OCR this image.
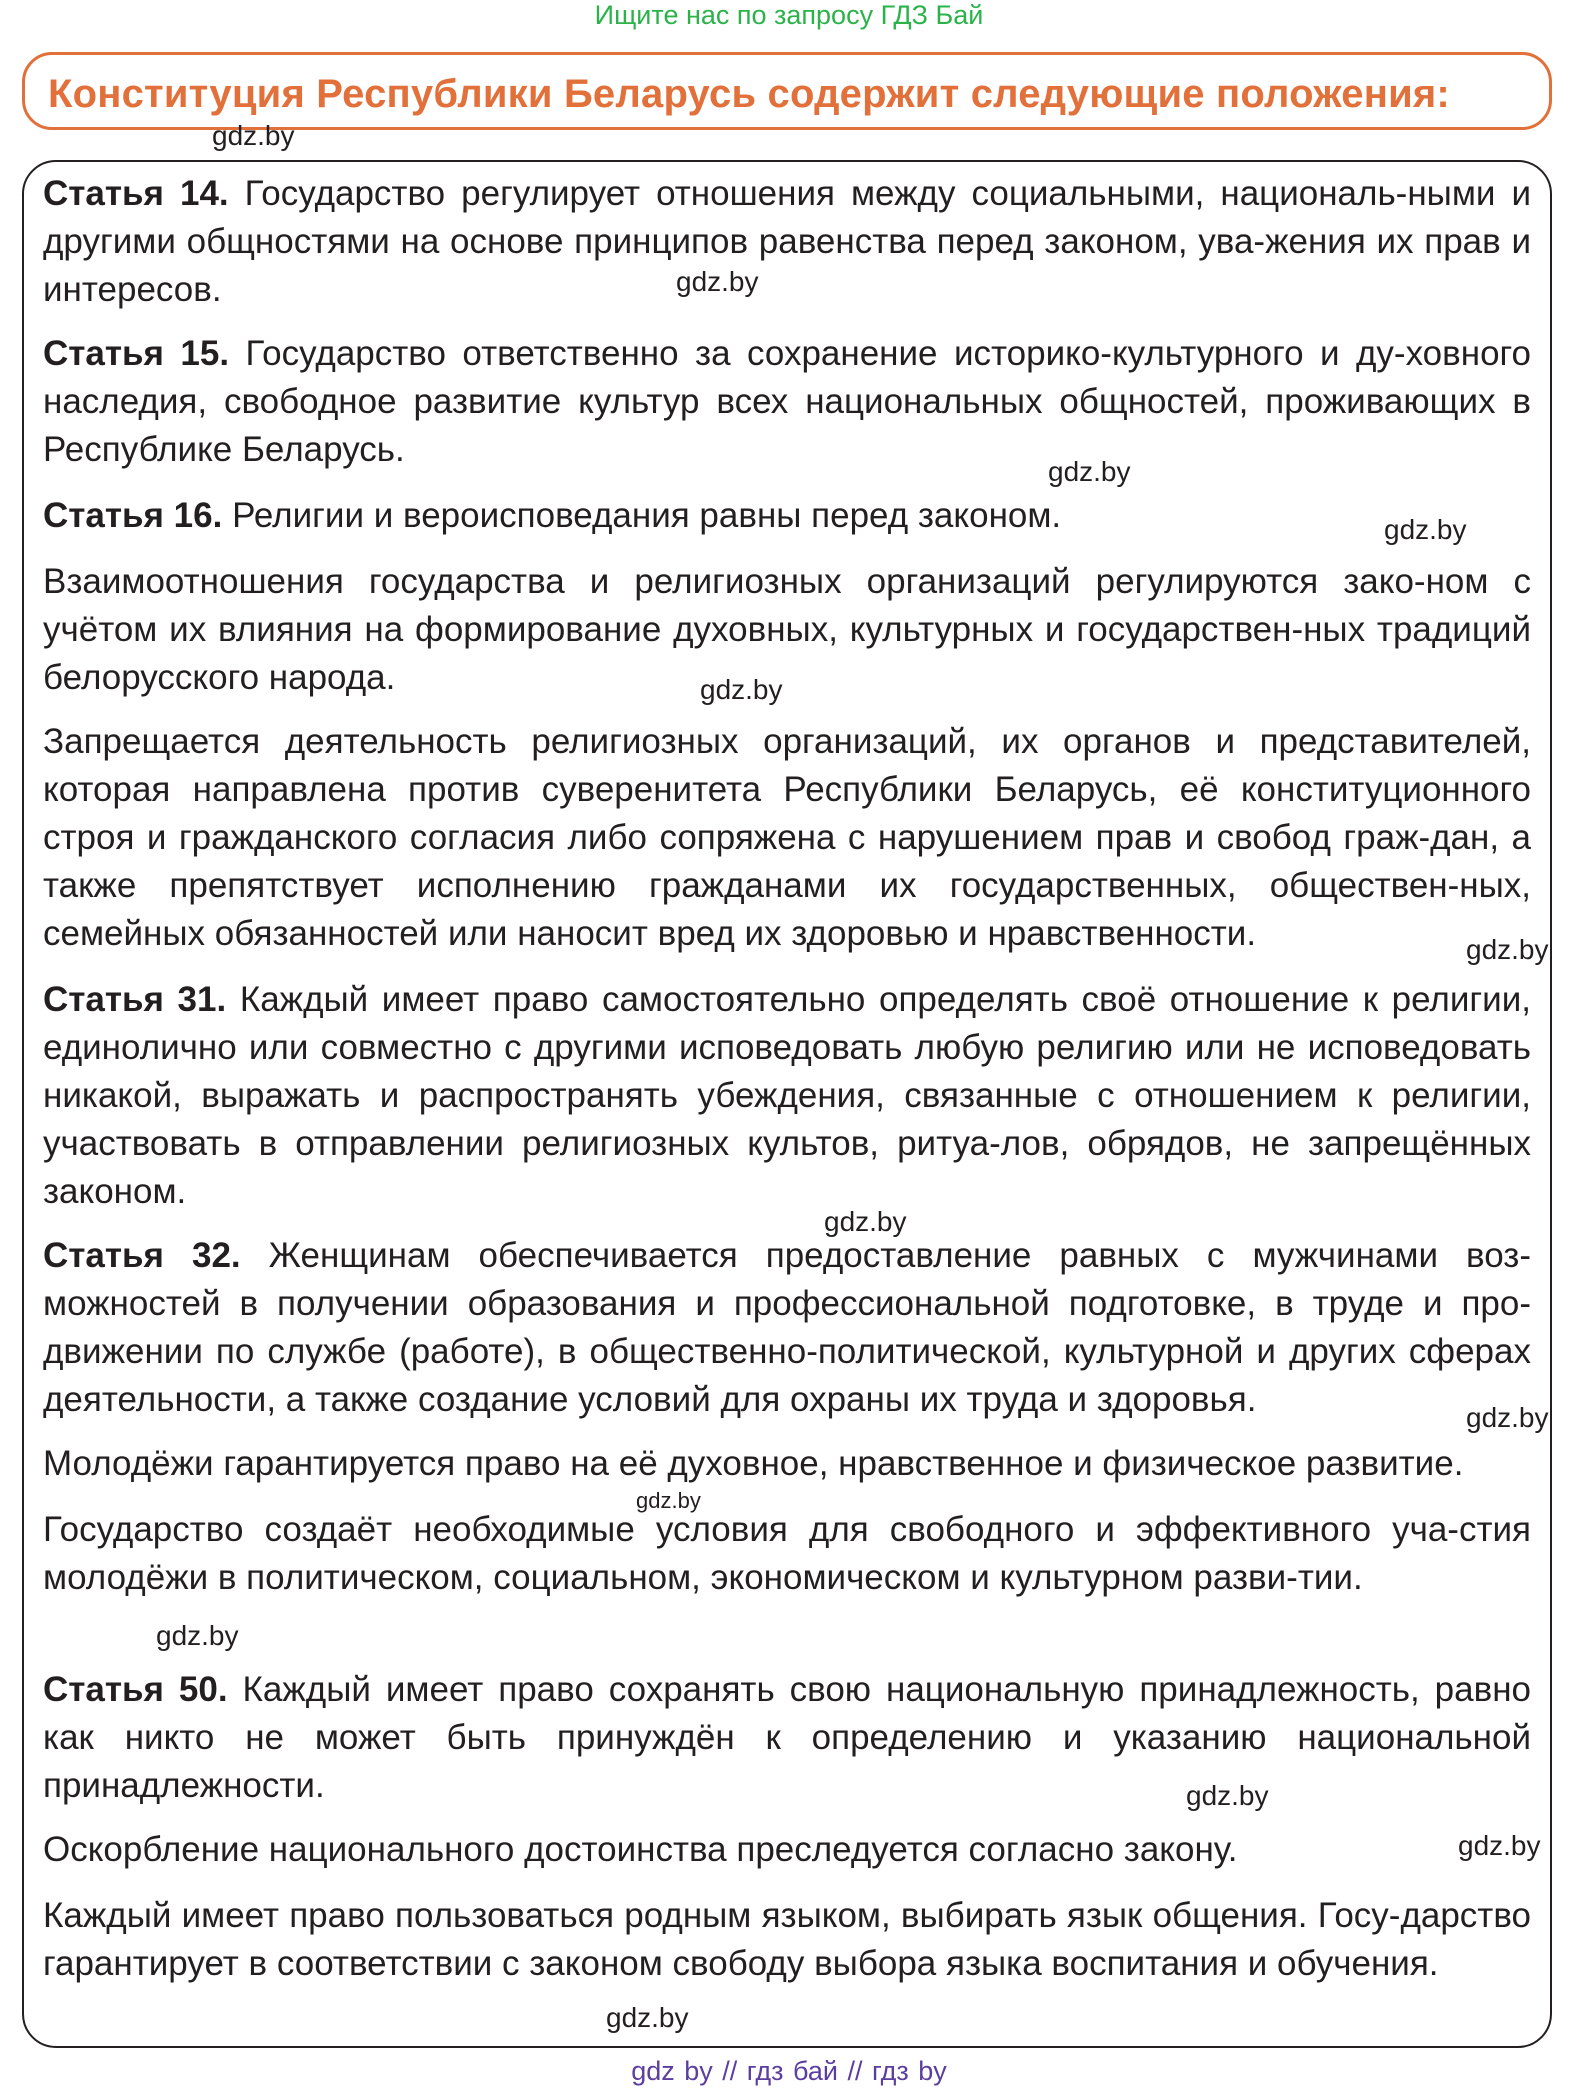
Ищите нас по запросу ГДЗ Бай
Конституция Республики Беларусь содержит следующие положения:

Статья 14. Государство регулирует отношения между социальными, националь-ными и другими общностями на основе принципов равенства перед законом, ува-жения их прав и интересов.

Статья 15. Государство ответственно за сохранение историко-культурного и ду-ховного наследия, свободное развитие культур всех национальных общностей, проживающих в Республике Беларусь.

Статья 16. Религии и вероисповедания равны перед законом.

Взаимоотношения государства и религиозных организаций регулируются зако-ном с учётом их влияния на формирование духовных, культурных и государствен-ных традиций белорусского народа.

Запрещается деятельность религиозных организаций, их органов и представителей, которая направлена против суверенитета Республики Беларусь, её конституционного строя и гражданского согласия либо сопряжена с нарушением прав и свобод граж-дан, а также препятствует исполнению гражданами их государственных, обществен-ных, семейных обязанностей или наносит вред их здоровью и нравственности.

Статья 31. Каждый имеет право самостоятельно определять своё отношение к религии, единолично или совместно с другими исповедовать любую религию или не исповедовать никакой, выражать и распространять убеждения, связанные с отношением к религии, участвовать в отправлении религиозных культов, ритуа-лов, обрядов, не запрещённых законом.

Статья 32. Женщинам обеспечивается предоставление равных с мужчинами воз-можностей в получении образования и профессиональной подготовке, в труде и про-движении по службе (работе), в общественно-политической, культурной и других сферах деятельности, а также создание условий для охраны их труда и здоровья.

Молодёжи гарантируется право на её духовное, нравственное и физическое развитие.

Государство создаёт необходимые условия для свободного и эффективного уча-стия молодёжи в политическом, социальном, экономическом и культурном разви-тии.

Статья 50. Каждый имеет право сохранять свою национальную принадлежность, равно как никто не может быть принуждён к определению и указанию национальной принадлежности.

Оскорбление национального достоинства преследуется согласно закону.

Каждый имеет право пользоваться родным языком, выбирать язык общения. Госу-дарство гарантирует в соответствии с законом свободу выбора языка воспитания и обучения.

gdz.by
gdz.by
gdz.by
gdz.by
gdz.by
gdz.by
gdz.by
gdz.by
gdz.by
gdz.by
gdz.by
gdz.by
gdz.by
gdz by // гдз бай // гдз by
